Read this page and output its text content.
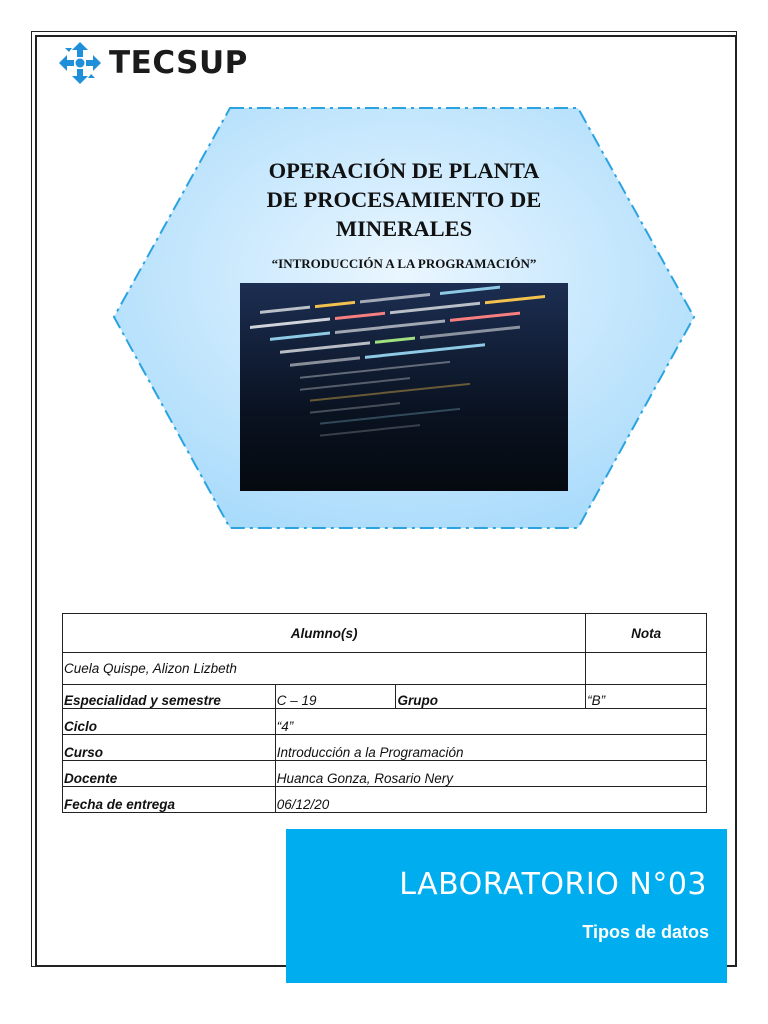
TECSUP
OPERACIÓN DE PLANTA
DE PROCESAMIENTO DE
MINERALES
“INTRODUCCIÓN A LA PROGRAMACIÓN”
Alumno(s)			Nota
Cuela Quispe, Alizon Lizbeth			
Especialidad y semestre	C – 19	Grupo	“B”
Ciclo	“4”		
Curso	Introducción a la Programación		
Docente	Huanca Gonza, Rosario Nery		
Fecha de entrega	06/12/20		
LABORATORIO N°03
Tipos de datos
